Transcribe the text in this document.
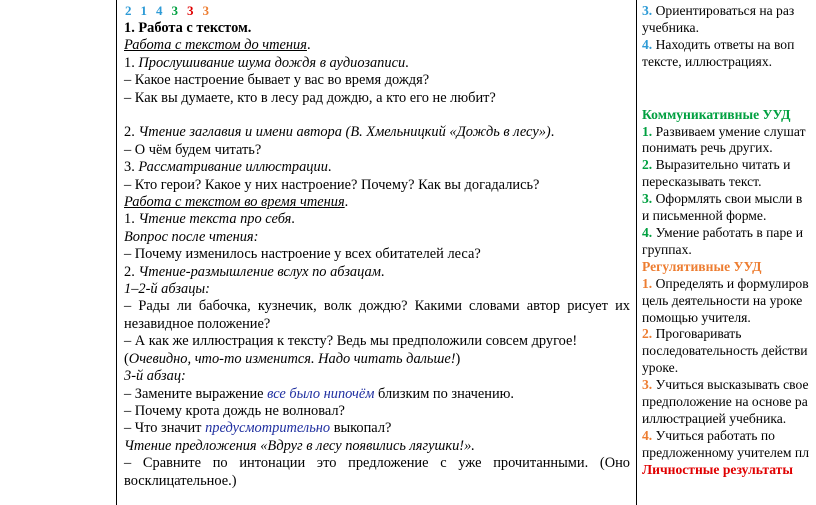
2 1 4 3 3 3

1. Работа с текстом.

Работа с текстом до чтения.

1. Прослушивание шума дождя в аудиозаписи.

– Какое настроение бывает у вас во время дождя?

– Как вы думаете, кто в лесу рад дождю, а кто его не любит?

2. Чтение заглавия и имени автора (В. Хмельницкий «Дождь в лесу»).

– О чём будем читать?

3. Рассматривание иллюстрации.

– Кто герои? Какое у них настроение? Почему? Как вы догадались?

Работа с текстом во время чтения.

1. Чтение текста про себя.

Вопрос после чтения:

– Почему изменилось настроение у всех обитателей леса?

2. Чтение-размышление вслух по абзацам.

1–2-й абзацы:

– Рады ли бабочка, кузнечик, волк дождю? Какими словами автор рисует их незавидное положение?

– А как же иллюстрация к тексту? Ведь мы предположили совсем другое!

(Очевидно, что-то изменится. Надо читать дальше!)

3-й абзац:

– Замените выражение все было нипочём близким по значению.

– Почему крота дождь не волновал?

– Что значит предусмотрительно выкопал?

Чтение предложения «Вдруг в лесу появились лягушки!».

– Сравните по интонации это предложение с уже прочитанными. (Оно восклицательное.)

3. Ориентироваться на раз

учебника.

4. Находить ответы на воп

тексте, иллюстрациях.

Коммуникативные УУД

1. Развиваем умение слушат

понимать речь других.

2. Выразительно читать и

пересказывать текст.

3. Оформлять свои мысли в

и письменной форме.

4. Умение работать в паре и

группах.

Регулятивные УУД

1. Определять и формулиров

цель деятельности на уроке

помощью учителя.

2. Проговаривать

последовательность действи

уроке.

3. Учиться высказывать свое

предположение на основе ра

иллюстрацией учебника.

4. Учиться работать по

предложенному учителем пл

Личностные результаты
